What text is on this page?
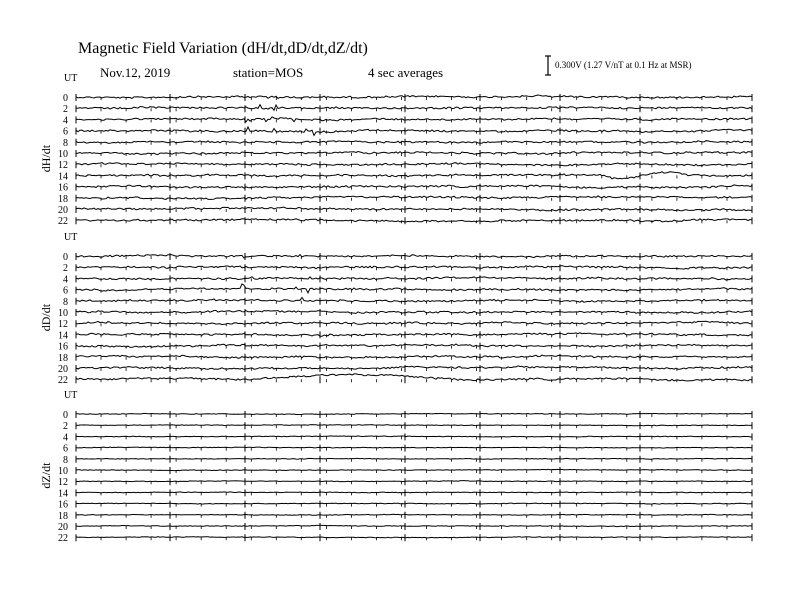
Magnetic Field Variation (dH/dt,dD/dt,dZ/dt)
Nov.12, 2019	station=MOS	4 sec averages	0.300V (1.27 V/nT at 0.1 Hz at MSR)
UT
dH/dt
0
2
4
6
8
10
12
14
16
18
20
22
UT
dD/dt
0
2
4
6
8
10
12
14
16
18
20
22
UT
dZ/dt
0
2
4
6
8
10
12
14
16
18
20
22
